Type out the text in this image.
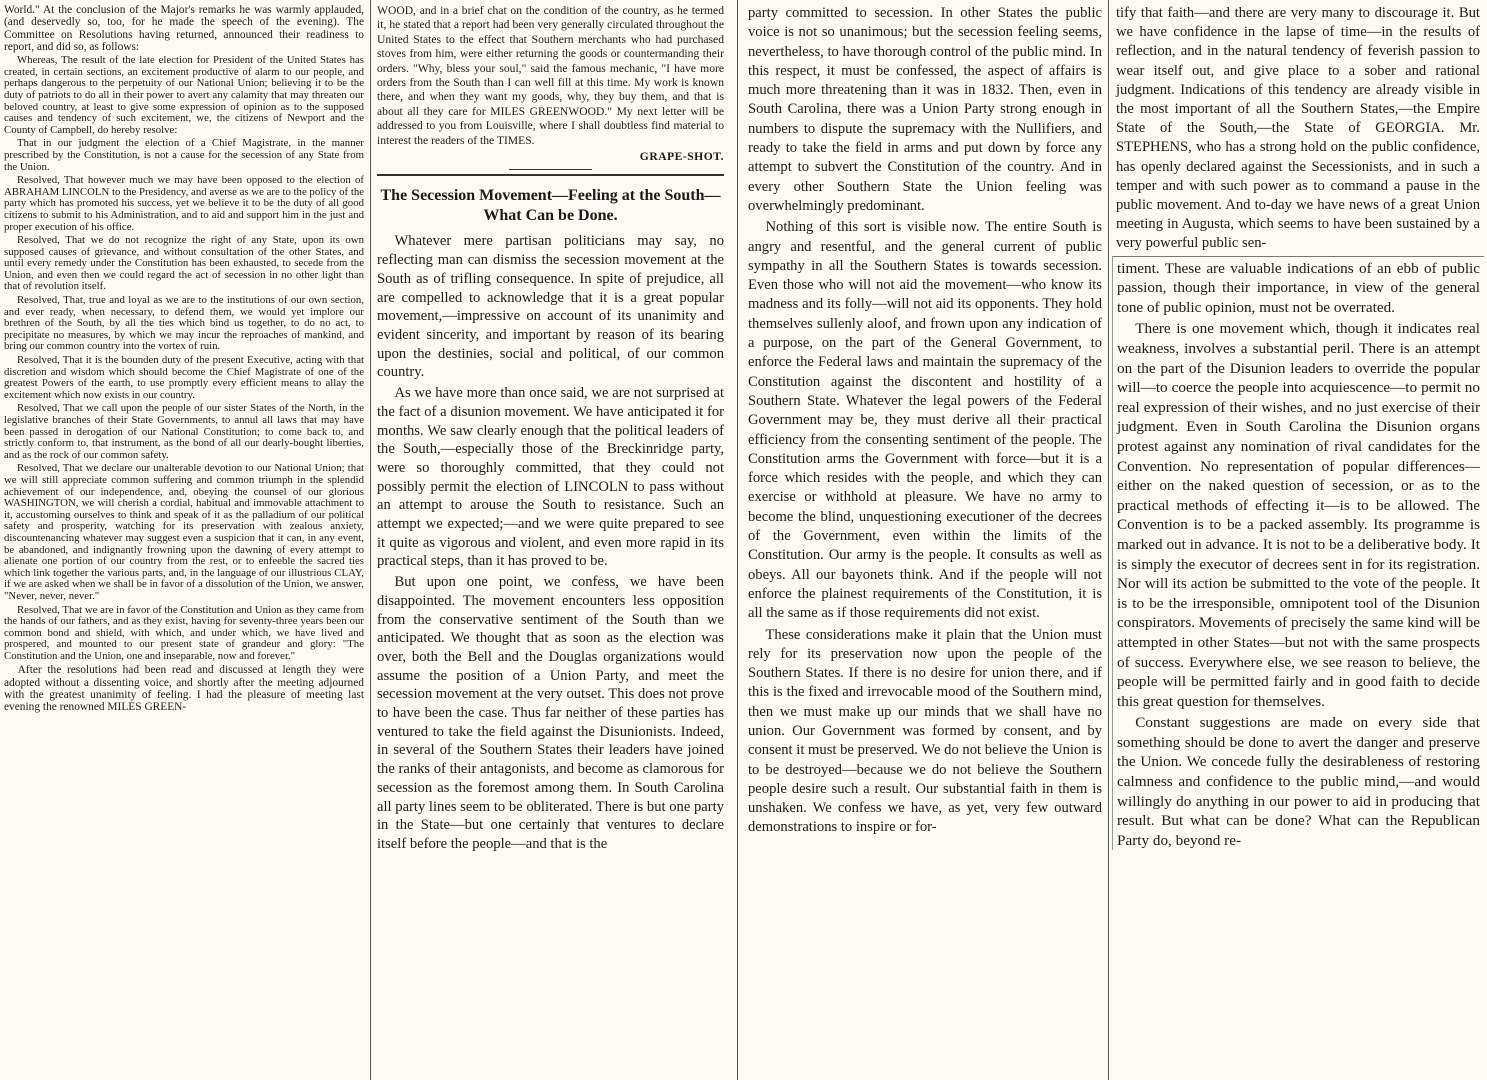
World." At the conclusion of the Major's remarks he was warmly applauded, (and deservedly so, too, for he made the speech of the evening). The Committee on Resolutions having returned, announced their readiness to report, and did so, as follows:

Whereas, The result of the late election for President of the United States has created, in certain sections, an excitement productive of alarm to our people, and perhaps dangerous to the perpetuity of our National Union; believing it to be the duty of patriots to do all in their power to avert any calamity that may threaten our beloved country, at least to give some expression of opinion as to the supposed causes and tendency of such excitement, we, the citizens of Newport and the County of Campbell, do hereby resolve:

That in our judgment the election of a Chief Magistrate, in the manner prescribed by the Constitution, is not a cause for the secession of any State from the Union.

Resolved, That however much we may have been opposed to the election of ABRAHAM LINCOLN to the Presidency, and averse as we are to the policy of the party which has promoted his success, yet we believe it to be the duty of all good citizens to submit to his Administration, and to aid and support him in the just and proper execution of his office.

Resolved, That we do not recognize the right of any State, upon its own supposed causes of grievance, and without consultation of the other States, and until every remedy under the Constitution has been exhausted, to secede from the Union, and even then we could regard the act of secession in no other light than that of revolution itself.

Resolved, That, true and loyal as we are to the institutions of our own section, and ever ready, when necessary, to defend them, we would yet implore our brethren of the South, by all the ties which bind us together, to do no act, to precipitate no measures, by which we may incur the reproaches of mankind, and bring our common country into the vortex of ruin.

Resolved, That it is the bounden duty of the present Executive, acting with that discretion and wisdom which should become the Chief Magistrate of one of the greatest Powers of the earth, to use promptly every efficient means to allay the excitement which now exists in our country.

Resolved, That we call upon the people of our sister States of the North, in the legislative branches of their State Governments, to annul all laws that may have been passed in derogation of our National Constitution; to come back to, and strictly conform to, that instrument, as the bond of all our dearly-bought liberties, and as the rock of our common safety.

Resolved, That we declare our unalterable devotion to our National Union; that we will still appreciate common suffering and common triumph in the splendid achievement of our independence, and, obeying the counsel of our glorious WASHINGTON, we will cherish a cordial, habitual and immovable attachment to it, accustoming ourselves to think and speak of it as the palladium of our political safety and prosperity, watching for its preservation with zealous anxiety, discountenancing whatever may suggest even a suspicion that it can, in any event, be abandoned, and indignantly frowning upon the dawning of every attempt to alienate one portion of our country from the rest, or to enfeeble the sacred ties which link together the various parts, and, in the language of our illustrious CLAY, if we are asked when we shall be in favor of a dissolution of the Union, we answer, "Never, never, never."

Resolved, That we are in favor of the Constitution and Union as they came from the hands of our fathers, and as they exist, having for seventy-three years been our common bond and shield, with which, and under which, we have lived and prospered, and mounted to our present state of grandeur and glory: "The Constitution and the Union, one and inseparable, now and forever."

After the resolutions had been read and discussed at length they were adopted without a dissenting voice, and shortly after the meeting adjourned with the greatest unanimity of feeling. I had the pleasure of meeting last evening the renowned MILES GREEN-

WOOD, and in a brief chat on the condition of the country, as he termed it, he stated that a report had been very generally circulated throughout the United States to the effect that Southern merchants who had purchased stoves from him, were either returning the goods or countermanding their orders. "Why, bless your soul," said the famous mechanic, "I have more orders from the South than I can well fill at this time. My work is known there, and when they want my goods, why, they buy them, and that is about all they care for MILES GREENWOOD." My next letter will be addressed to you from Louisville, where I shall doubtless find material to interest the readers of the TIMES.

GRAPE-SHOT.
The Secession Movement—Feeling at the South—What Can be Done.

Whatever mere partisan politicians may say, no reflecting man can dismiss the secession movement at the South as of trifling consequence. In spite of prejudice, all are compelled to acknowledge that it is a great popular movement,—impressive on account of its unanimity and evident sincerity, and important by reason of its bearing upon the destinies, social and political, of our common country.

As we have more than once said, we are not surprised at the fact of a disunion movement. We have anticipated it for months. We saw clearly enough that the political leaders of the South,—especially those of the Breckinridge party, were so thoroughly committed, that they could not possibly permit the election of LINCOLN to pass without an attempt to arouse the South to resistance. Such an attempt we expected;—and we were quite prepared to see it quite as vigorous and violent, and even more rapid in its practical steps, than it has proved to be.

But upon one point, we confess, we have been disappointed. The movement encounters less opposition from the conservative sentiment of the South than we anticipated. We thought that as soon as the election was over, both the Bell and the Douglas organizations would assume the position of a Union Party, and meet the secession movement at the very outset. This does not prove to have been the case. Thus far neither of these parties has ventured to take the field against the Disunionists. Indeed, in several of the Southern States their leaders have joined the ranks of their antagonists, and become as clamorous for secession as the foremost among them. In South Carolina all party lines seem to be obliterated. There is but one party in the State—but one certainly that ventures to declare itself before the people—and that is the

party committed to secession. In other States the public voice is not so unanimous; but the secession feeling seems, nevertheless, to have thorough control of the public mind. In this respect, it must be confessed, the aspect of affairs is much more threatening than it was in 1832. Then, even in South Carolina, there was a Union Party strong enough in numbers to dispute the supremacy with the Nullifiers, and ready to take the field in arms and put down by force any attempt to subvert the Constitution of the country. And in every other Southern State the Union feeling was overwhelmingly predominant.

Nothing of this sort is visible now. The entire South is angry and resentful, and the general current of public sympathy in all the Southern States is towards secession. Even those who will not aid the movement—who know its madness and its folly—will not aid its opponents. They hold themselves sullenly aloof, and frown upon any indication of a purpose, on the part of the General Government, to enforce the Federal laws and maintain the supremacy of the Constitution against the discontent and hostility of a Southern State. Whatever the legal powers of the Federal Government may be, they must derive all their practical efficiency from the consenting sentiment of the people. The Constitution arms the Government with force—but it is a force which resides with the people, and which they can exercise or withhold at pleasure. We have no army to become the blind, unquestioning executioner of the decrees of the Government, even within the limits of the Constitution. Our army is the people. It consults as well as obeys. All our bayonets think. And if the people will not enforce the plainest requirements of the Constitution, it is all the same as if those requirements did not exist.

These considerations make it plain that the Union must rely for its preservation now upon the people of the Southern States. If there is no desire for union there, and if this is the fixed and irrevocable mood of the Southern mind, then we must make up our minds that we shall have no union. Our Government was formed by consent, and by consent it must be preserved. We do not believe the Union is to be destroyed—because we do not believe the Southern people desire such a result. Our substantial faith in them is unshaken. We confess we have, as yet, very few outward demonstrations to inspire or for-

tify that faith—and there are very many to discourage it. But we have confidence in the lapse of time—in the results of reflection, and in the natural tendency of feverish passion to wear itself out, and give place to a sober and rational judgment. Indications of this tendency are already visible in the most important of all the Southern States,—the Empire State of the South,—the State of GEORGIA. Mr. STEPHENS, who has a strong hold on the public confidence, has openly declared against the Secessionists, and in such a temper and with such power as to command a pause in the public movement. And to-day we have news of a great Union meeting in Augusta, which seems to have been sustained by a very powerful public sen-

timent. These are valuable indications of an ebb of public passion, though their importance, in view of the general tone of public opinion, must not be overrated.

There is one movement which, though it indicates real weakness, involves a substantial peril. There is an attempt on the part of the Disunion leaders to override the popular will—to coerce the people into acquiescence—to permit no real expression of their wishes, and no just exercise of their judgment. Even in South Carolina the Disunion organs protest against any nomination of rival candidates for the Convention. No representation of popular differences—either on the naked question of secession, or as to the practical methods of effecting it—is to be allowed. The Convention is to be a packed assembly. Its programme is marked out in advance. It is not to be a deliberative body. It is simply the executor of decrees sent in for its registration. Nor will its action be submitted to the vote of the people. It is to be the irresponsible, omnipotent tool of the Disunion conspirators. Movements of precisely the same kind will be attempted in other States—but not with the same prospects of success. Everywhere else, we see reason to believe, the people will be permitted fairly and in good faith to decide this great question for themselves.

Constant suggestions are made on every side that something should be done to avert the danger and preserve the Union. We concede fully the desirableness of restoring calmness and confidence to the public mind,—and would willingly do anything in our power to aid in producing that result. But what can be done? What can the Republican Party do, beyond re-
